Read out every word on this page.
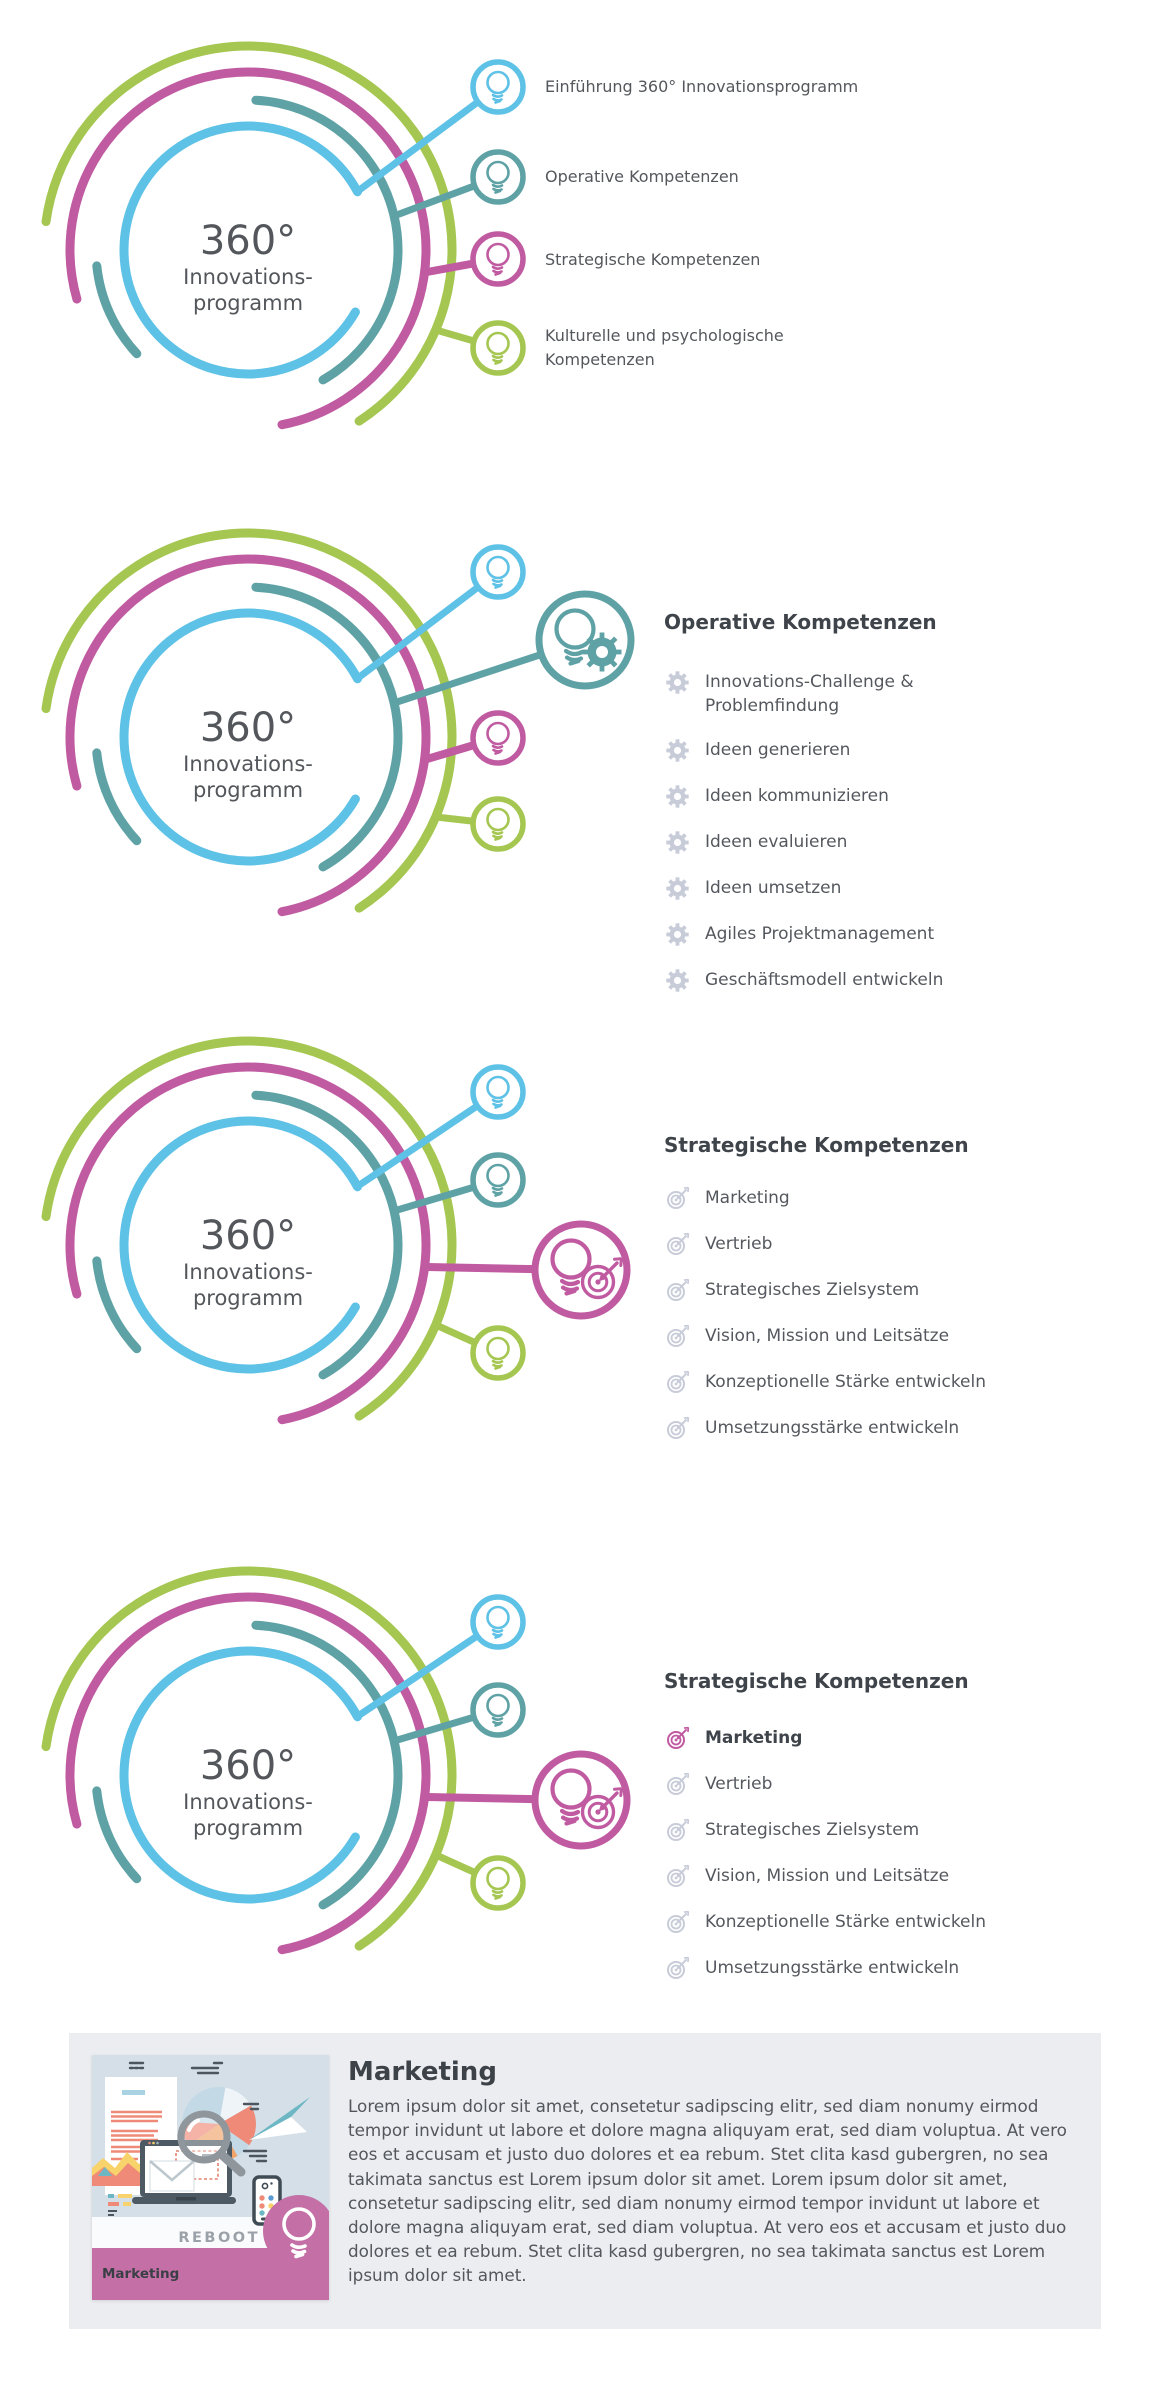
360°
Innovations-
programm
Einführung 360° Innovationsprogramm
Operative Kompetenzen
Strategische Kompetenzen
Kulturelle und psychologische Kompetenzen
360°
Innovations-
programm
Operative Kompetenzen
Innovations-Challenge & Problemfindung
Ideen generieren
Ideen kommunizieren
Ideen evaluieren
Ideen umsetzen
Agiles Projektmanagement
Geschäftsmodell entwickeln
360°
Innovations-
programm
Strategische Kompetenzen
Marketing
Vertrieb
Strategisches Zielsystem
Vision, Mission und Leitsätze
Konzeptionelle Stärke entwickeln
Umsetzungsstärke entwickeln
360°
Innovations-
programm
Strategische Kompetenzen
Marketing
Vertrieb
Strategisches Zielsystem
Vision, Mission und Leitsätze
Konzeptionelle Stärke entwickeln
Umsetzungsstärke entwickeln
REBOOT
Marketing
Marketing
Lorem ipsum dolor sit amet, consetetur sadipscing elitr, sed diam nonumy eirmod tempor invidunt ut labore et dolore magna aliquyam erat, sed diam voluptua. At vero eos et accusam et justo duo dolores et ea rebum. Stet clita kasd gubergren, no sea takimata sanctus est Lorem ipsum dolor sit amet. Lorem ipsum dolor sit amet, consetetur sadipscing elitr, sed diam nonumy eirmod tempor invidunt ut labore et dolore magna aliquyam erat, sed diam voluptua. At vero eos et accusam et justo duo dolores et ea rebum. Stet clita kasd gubergren, no sea takimata sanctus est Lorem ipsum dolor sit amet.
